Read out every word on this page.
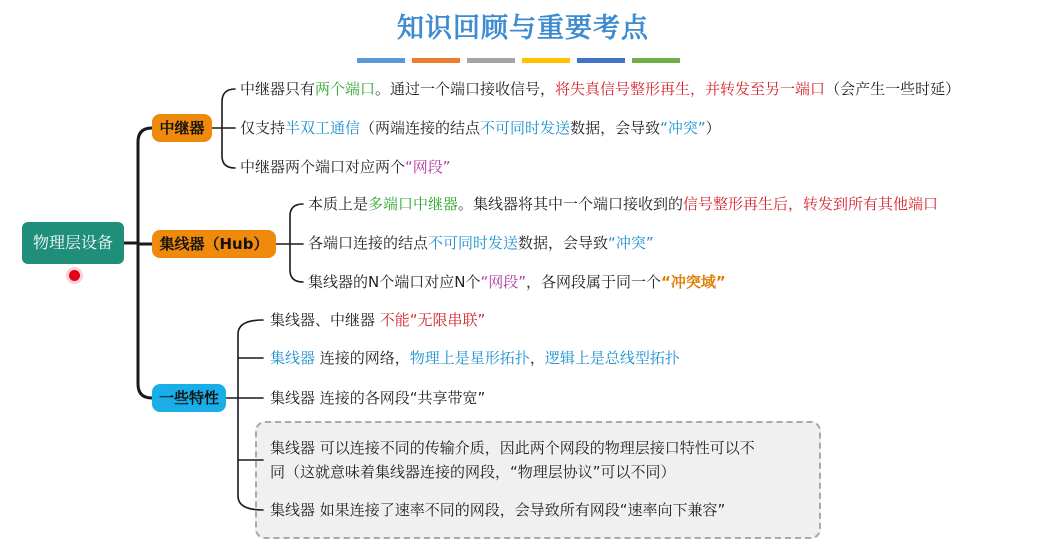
知识回顾与重要考点
物理层设备
中继器
集线器（Hub）
一些特性
中继器只有两个端口。通过一个端口接收信号，将失真信号整形再生，并转发至另一端口（会产生一些时延）
仅支持半双工通信（两端连接的结点不可同时发送数据，会导致“冲突”）
中继器两个端口对应两个“网段”
本质上是多端口中继器。集线器将其中一个端口接收到的信号整形再生后，转发到所有其他端口
各端口连接的结点不可同时发送数据，会导致“冲突”
集线器的N个端口对应N个“网段”，各网段属于同一个“冲突域”
集线器、中继器 不能“无限串联”
集线器 连接的网络，物理上是星形拓扑，逻辑上是总线型拓扑
集线器 连接的各网段“共享带宽”
集线器 可以连接不同的传输介质，因此两个网段的物理层接口特性可以不
同（这就意味着集线器连接的网段，“物理层协议”可以不同）
集线器 如果连接了速率不同的网段，会导致所有网段“速率向下兼容”
